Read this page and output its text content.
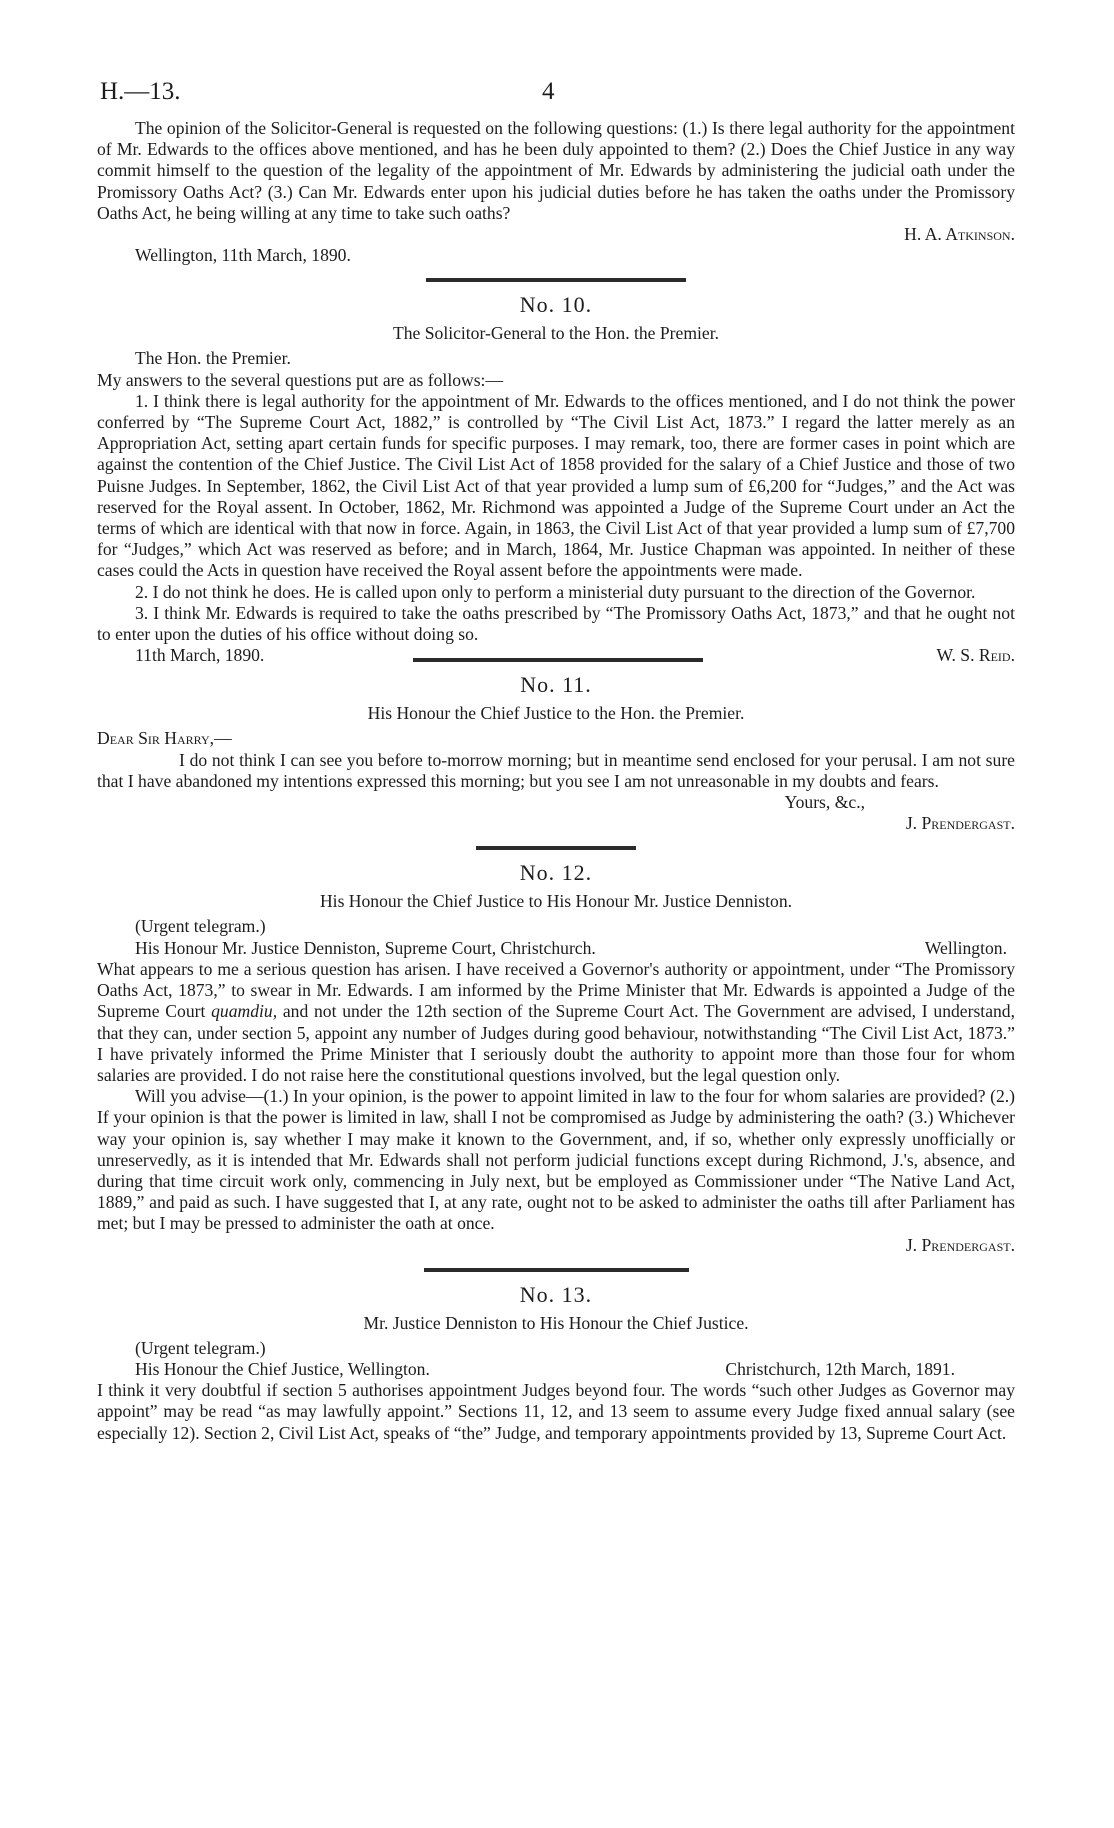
H.—13.	4

The opinion of the Solicitor-General is requested on the following questions: (1.) Is there legal authority for the appointment of Mr. Edwards to the offices above mentioned, and has he been duly appointed to them? (2.) Does the Chief Justice in any way commit himself to the question of the legality of the appointment of Mr. Edwards by administering the judicial oath under the Promissory Oaths Act? (3.) Can Mr. Edwards enter upon his judicial duties before he has taken the oaths under the Promissory Oaths Act, he being willing at any time to take such oaths?

H. A. Atkinson.

Wellington, 11th March, 1890.

No. 10.
The Solicitor-General to the Hon. the Premier.

The Hon. the Premier.

My answers to the several questions put are as follows:—

1. I think there is legal authority for the appointment of Mr. Edwards to the offices mentioned, and I do not think the power conferred by “The Supreme Court Act, 1882,” is controlled by “The Civil List Act, 1873.” I regard the latter merely as an Appropriation Act, setting apart certain funds for specific purposes. I may remark, too, there are former cases in point which are against the contention of the Chief Justice. The Civil List Act of 1858 provided for the salary of a Chief Justice and those of two Puisne Judges. In September, 1862, the Civil List Act of that year provided a lump sum of £6,200 for “Judges,” and the Act was reserved for the Royal assent. In October, 1862, Mr. Richmond was appointed a Judge of the Supreme Court under an Act the terms of which are identical with that now in force. Again, in 1863, the Civil List Act of that year provided a lump sum of £7,700 for “Judges,” which Act was reserved as before; and in March, 1864, Mr. Justice Chapman was appointed. In neither of these cases could the Acts in question have received the Royal assent before the appointments were made.

2. I do not think he does. He is called upon only to perform a ministerial duty pursuant to the direction of the Governor.

3. I think Mr. Edwards is required to take the oaths prescribed by “The Promissory Oaths Act, 1873,” and that he ought not to enter upon the duties of his office without doing so.

11th March, 1890.	W. S. Reid.
No. 11.
His Honour the Chief Justice to the Hon. the Premier.

Dear Sir Harry,—

I do not think I can see you before to-morrow morning; but in meantime send enclosed for your perusal. I am not sure that I have abandoned my intentions expressed this morning; but you see I am not unreasonable in my doubts and fears.

Yours, &c.,
J. Prendergast.
No. 12.
His Honour the Chief Justice to His Honour Mr. Justice Denniston.

(Urgent telegram.)

His Honour Mr. Justice Denniston, Supreme Court, Christchurch.	Wellington.

What appears to me a serious question has arisen. I have received a Governor's authority or appointment, under “The Promissory Oaths Act, 1873,” to swear in Mr. Edwards. I am informed by the Prime Minister that Mr. Edwards is appointed a Judge of the Supreme Court quamdiu, and not under the 12th section of the Supreme Court Act. The Government are advised, I understand, that they can, under section 5, appoint any number of Judges during good behaviour, notwithstanding “The Civil List Act, 1873.” I have privately informed the Prime Minister that I seriously doubt the authority to appoint more than those four for whom salaries are provided. I do not raise here the constitutional questions involved, but the legal question only.

Will you advise—(1.) In your opinion, is the power to appoint limited in law to the four for whom salaries are provided? (2.) If your opinion is that the power is limited in law, shall I not be compromised as Judge by administering the oath? (3.) Whichever way your opinion is, say whether I may make it known to the Government, and, if so, whether only expressly unofficially or unreservedly, as it is intended that Mr. Edwards shall not perform judicial functions except during Richmond, J.'s, absence, and during that time circuit work only, commencing in July next, but be employed as Commissioner under “The Native Land Act, 1889,” and paid as such. I have suggested that I, at any rate, ought not to be asked to administer the oaths till after Parliament has met; but I may be pressed to administer the oath at once.

J. Prendergast.
No. 13.
Mr. Justice Denniston to His Honour the Chief Justice.

(Urgent telegram.)

His Honour the Chief Justice, Wellington.	Christchurch, 12th March, 1891.

I think it very doubtful if section 5 authorises appointment Judges beyond four. The words “such other Judges as Governor may appoint” may be read “as may lawfully appoint.” Sections 11, 12, and 13 seem to assume every Judge fixed annual salary (see especially 12). Section 2, Civil List Act, speaks of “the” Judge, and temporary appointments provided by 13, Supreme Court Act.
